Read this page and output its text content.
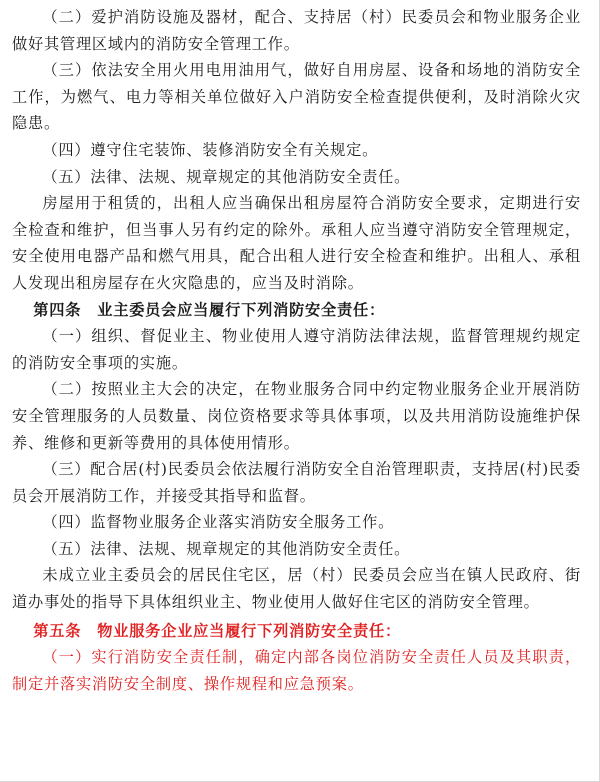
（二）爱护消防设施及器材，配合、支持居（村）民委员会和物业服务企业做好其管理区域内的消防安全管理工作。

（三）依法安全用火用电用油用气，做好自用房屋、设备和场地的消防安全工作，为燃气、电力等相关单位做好入户消防安全检查提供便利，及时消除火灾隐患。

（四）遵守住宅装饰、装修消防安全有关规定。

（五）法律、法规、规章规定的其他消防安全责任。

房屋用于租赁的，出租人应当确保出租房屋符合消防安全要求，定期进行安全检查和维护，但当事人另有约定的除外。承租人应当遵守消防安全管理规定，安全使用电器产品和燃气用具，配合出租人进行安全检查和维护。出租人、承租人发现出租房屋存在火灾隐患的，应当及时消除。

第四条　业主委员会应当履行下列消防安全责任：

（一）组织、督促业主、物业使用人遵守消防法律法规，监督管理规约规定的消防安全事项的实施。

（二）按照业主大会的决定，在物业服务合同中约定物业服务企业开展消防安全管理服务的人员数量、岗位资格要求等具体事项，以及共用消防设施维护保养、维修和更新等费用的具体使用情形。

（三）配合居(村)民委员会依法履行消防安全自治管理职责，支持居(村)民委员会开展消防工作，并接受其指导和监督。

（四）监督物业服务企业落实消防安全服务工作。

（五）法律、法规、规章规定的其他消防安全责任。

未成立业主委员会的居民住宅区，居（村）民委员会应当在镇人民政府、街道办事处的指导下具体组织业主、物业使用人做好住宅区的消防安全管理。

第五条　物业服务企业应当履行下列消防安全责任：

（一）实行消防安全责任制，确定内部各岗位消防安全责任人员及其职责，制定并落实消防安全制度、操作规程和应急预案。
